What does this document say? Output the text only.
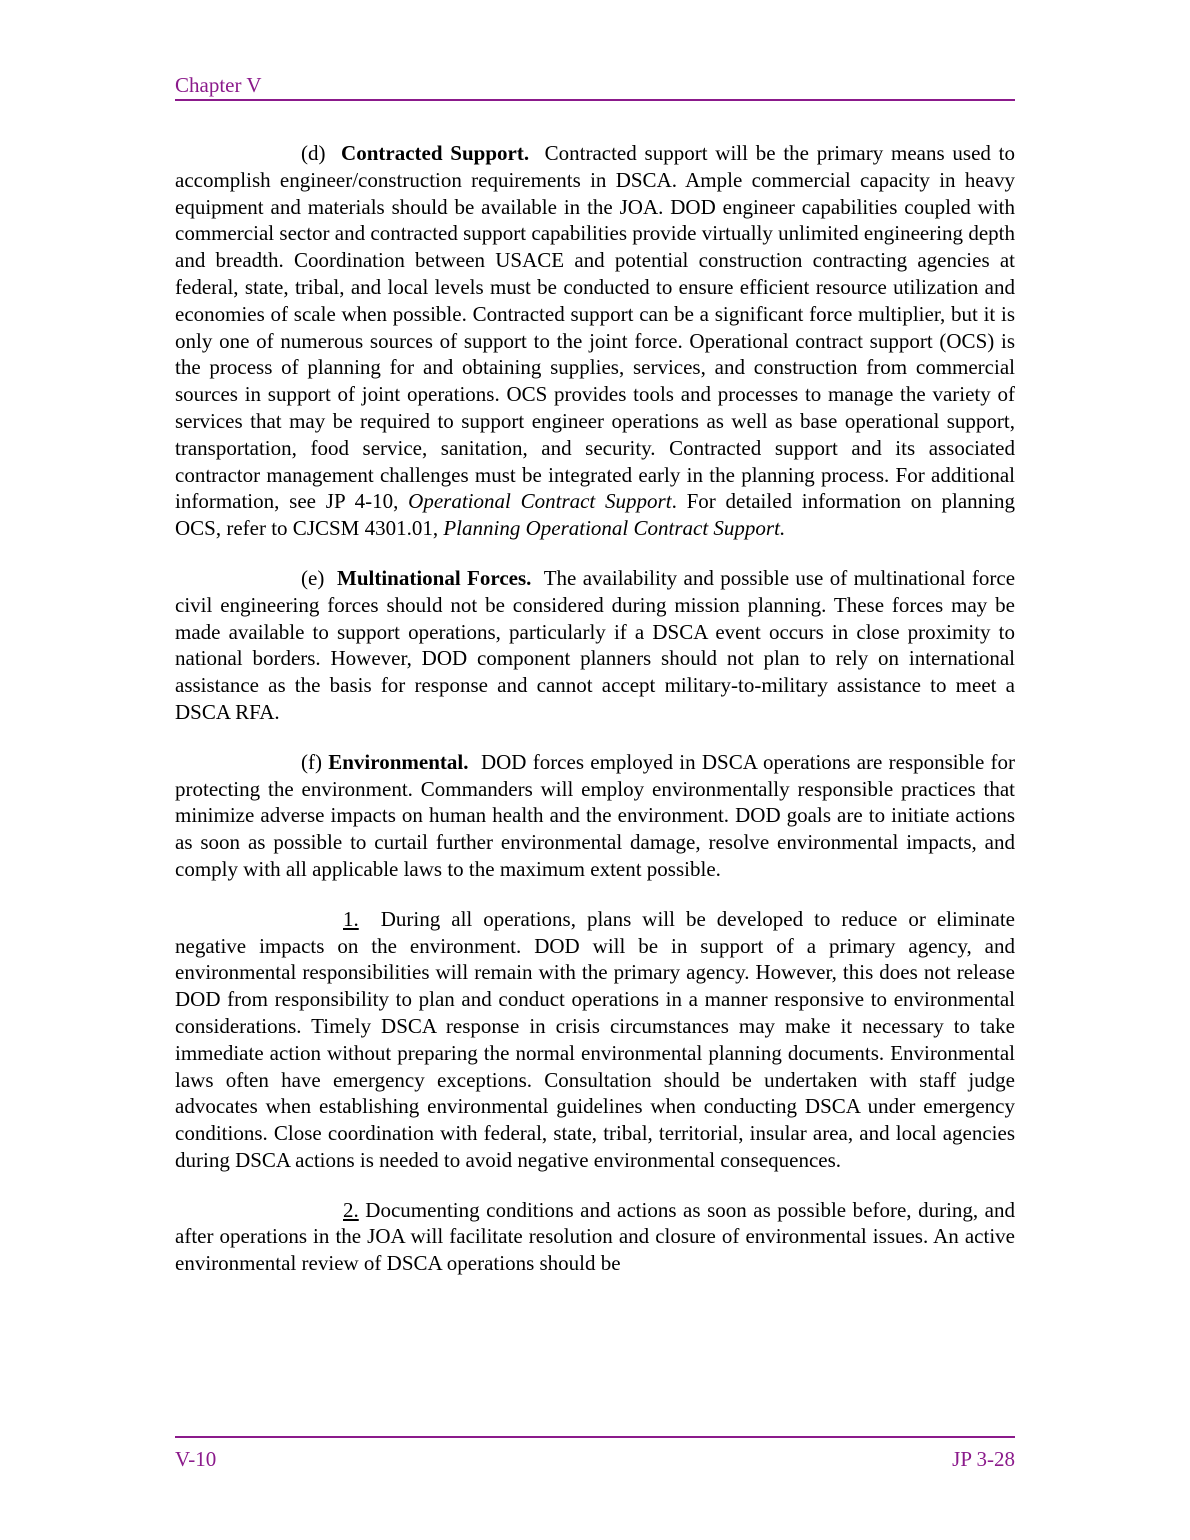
Chapter V

(d) Contracted Support. Contracted support will be the primary means used to accomplish engineer/construction requirements in DSCA. Ample commercial capacity in heavy equipment and materials should be available in the JOA. DOD engineer capabilities coupled with commercial sector and contracted support capabilities provide virtually unlimited engineering depth and breadth. Coordination between USACE and potential construction contracting agencies at federal, state, tribal, and local levels must be conducted to ensure efficient resource utilization and economies of scale when possible. Contracted support can be a significant force multiplier, but it is only one of numerous sources of support to the joint force. Operational contract support (OCS) is the process of planning for and obtaining supplies, services, and construction from commercial sources in support of joint operations. OCS provides tools and processes to manage the variety of services that may be required to support engineer operations as well as base operational support, transportation, food service, sanitation, and security. Contracted support and its associated contractor management challenges must be integrated early in the planning process. For additional information, see JP 4-10, Operational Contract Support. For detailed information on planning OCS, refer to CJCSM 4301.01, Planning Operational Contract Support.

(e) Multinational Forces. The availability and possible use of multinational force civil engineering forces should not be considered during mission planning. These forces may be made available to support operations, particularly if a DSCA event occurs in close proximity to national borders. However, DOD component planners should not plan to rely on international assistance as the basis for response and cannot accept military-to-military assistance to meet a DSCA RFA.

(f) Environmental. DOD forces employed in DSCA operations are responsible for protecting the environment. Commanders will employ environmentally responsible practices that minimize adverse impacts on human health and the environment. DOD goals are to initiate actions as soon as possible to curtail further environmental damage, resolve environmental impacts, and comply with all applicable laws to the maximum extent possible.

1. During all operations, plans will be developed to reduce or eliminate negative impacts on the environment. DOD will be in support of a primary agency, and environmental responsibilities will remain with the primary agency. However, this does not release DOD from responsibility to plan and conduct operations in a manner responsive to environmental considerations. Timely DSCA response in crisis circumstances may make it necessary to take immediate action without preparing the normal environmental planning documents. Environmental laws often have emergency exceptions. Consultation should be undertaken with staff judge advocates when establishing environmental guidelines when conducting DSCA under emergency conditions. Close coordination with federal, state, tribal, territorial, insular area, and local agencies during DSCA actions is needed to avoid negative environmental consequences.

2. Documenting conditions and actions as soon as possible before, during, and after operations in the JOA will facilitate resolution and closure of environmental issues. An active environmental review of DSCA operations should be

V-10	JP 3-28
